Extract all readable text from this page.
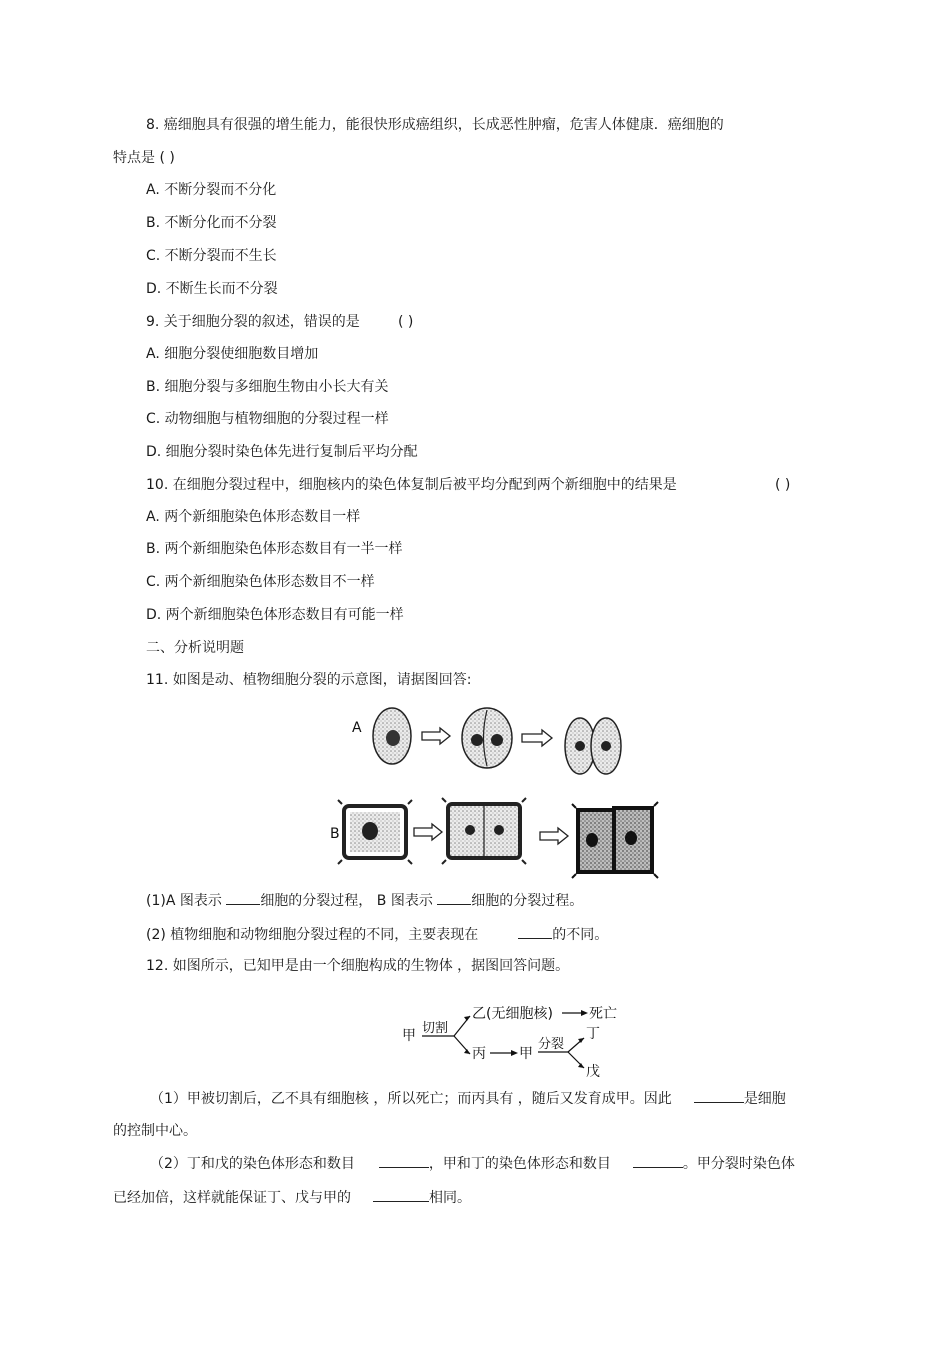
8. 癌细胞具有很强的增生能力，能很快形成癌组织，长成恶性肿瘤，危害人体健康．癌细胞的
特点是 ( )
A. 不断分裂而不分化
B. 不断分化而不分裂
C. 不断分裂而不生长
D. 不断生长而不分裂
9. 关于细胞分裂的叙述，错误的是	( )
A. 细胞分裂使细胞数目增加
B. 细胞分裂与多细胞生物由小长大有关
C. 动物细胞与植物细胞的分裂过程一样
D. 细胞分裂时染色体先进行复制后平均分配
10. 在细胞分裂过程中，细胞核内的染色体复制后被平均分配到两个新细胞中的结果是	( )
A. 两个新细胞染色体形态数目一样
B. 两个新细胞染色体形态数目有一半一样
C. 两个新细胞染色体形态数目不一样
D. 两个新细胞染色体形态数目有可能一样
二、分析说明题
11. 如图是动、植物细胞分裂的示意图，请据图回答:
A
B
(1)A 图表示 细胞的分裂过程， B 图表示 细胞的分裂过程。
(2) 植物细胞和动物细胞分裂过程的不同，主要表现在	的不同。
12. 如图所示，已知甲是由一个细胞构成的生物体 ，据图回答问题。
甲 切割
乙(无细胞核)	死亡
丙 甲
分裂
丁
戊
（1）甲被切割后，乙不具有细胞核 ，所以死亡；而丙具有 ，随后又发育成甲。因此	是细胞
的控制中心。
（2）丁和戊的染色体形态和数目	，甲和丁的染色体形态和数目	。甲分裂时染色体
已经加倍，这样就能保证丁、戊与甲的	相同。
